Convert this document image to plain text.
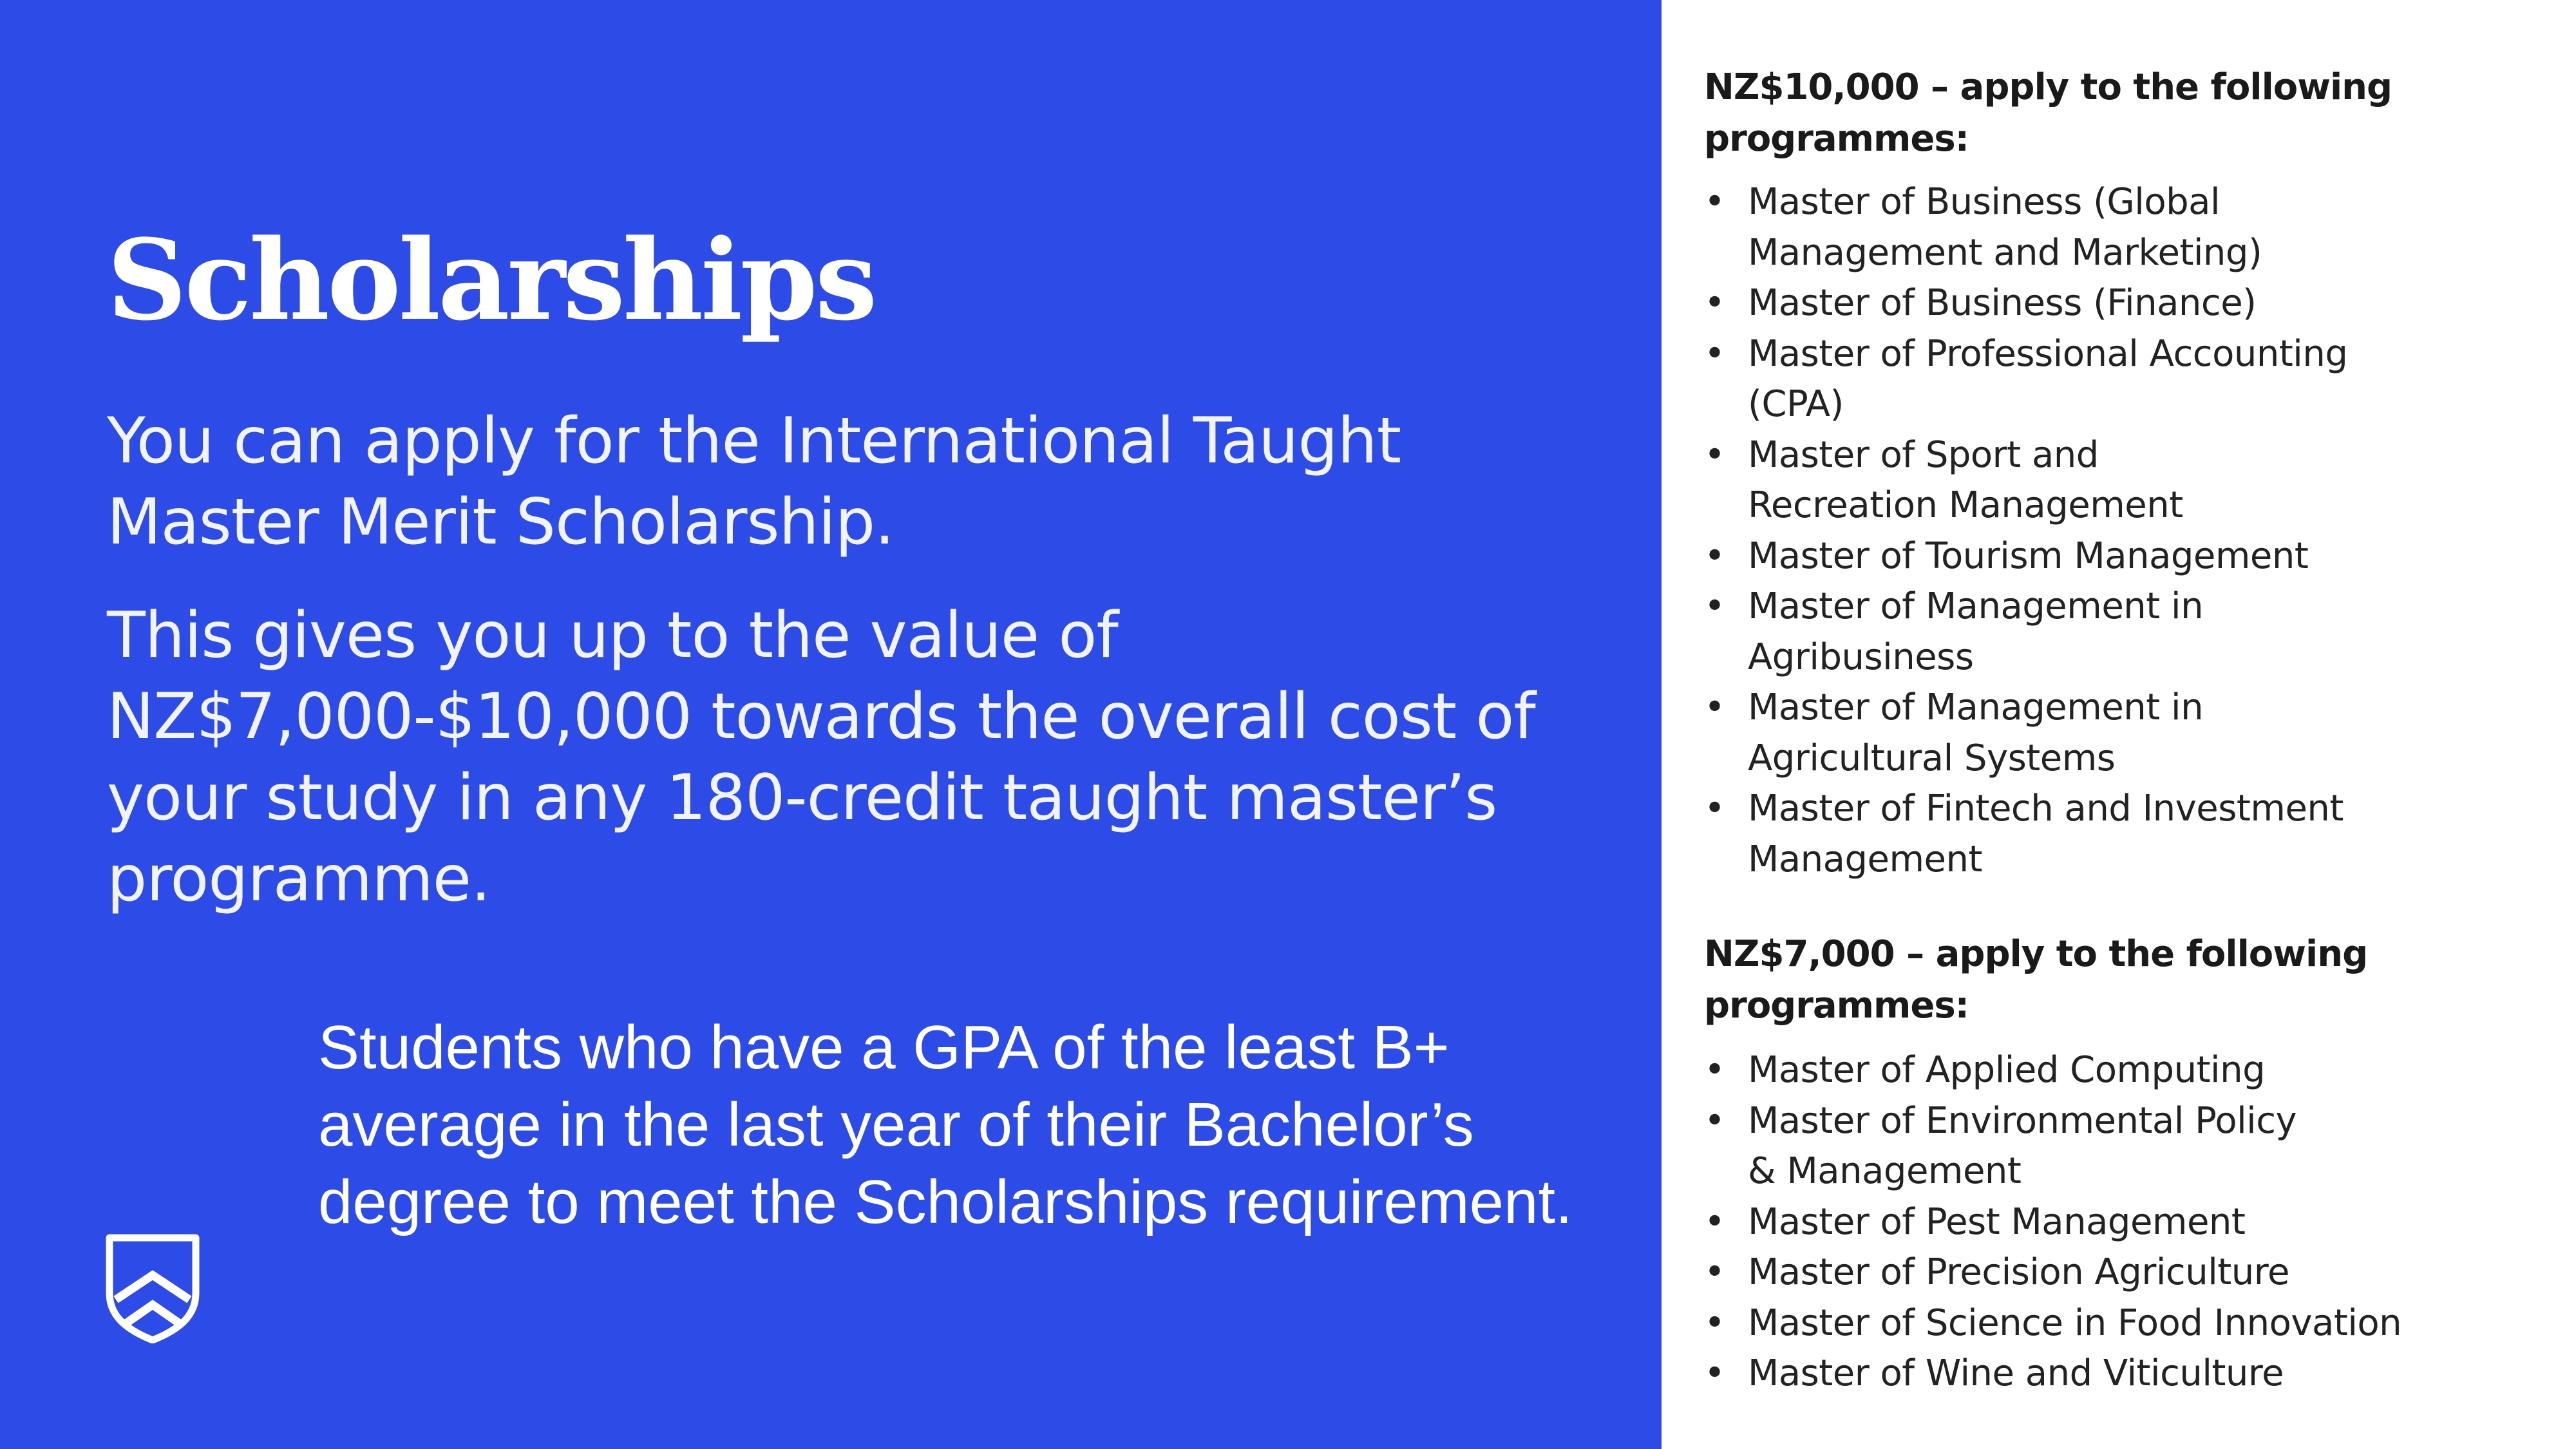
Scholarships

You can apply for the International Taught Master Merit Scholarship.

This gives you up to the value of NZ$7,000-$10,000 towards the overall cost of your study in any 180-credit taught master’s programme.

Students who have a GPA of the least B+ average in the last year of their Bachelor’s degree to meet the Scholarships requirement.

NZ$10,000 – apply to the following
programmes:
• Master of Business (Global
Management and Marketing)
• Master of Business (Finance)
• Master of Professional Accounting
(CPA)
• Master of Sport and
Recreation Management
• Master of Tourism Management
• Master of Management in
Agribusiness
• Master of Management in
Agricultural Systems
• Master of Fintech and Investment
Management
NZ$7,000 – apply to the following
programmes:
• Master of Applied Computing
• Master of Environmental Policy
& Management
• Master of Pest Management
• Master of Precision Agriculture
• Master of Science in Food Innovation
• Master of Wine and Viticulture
